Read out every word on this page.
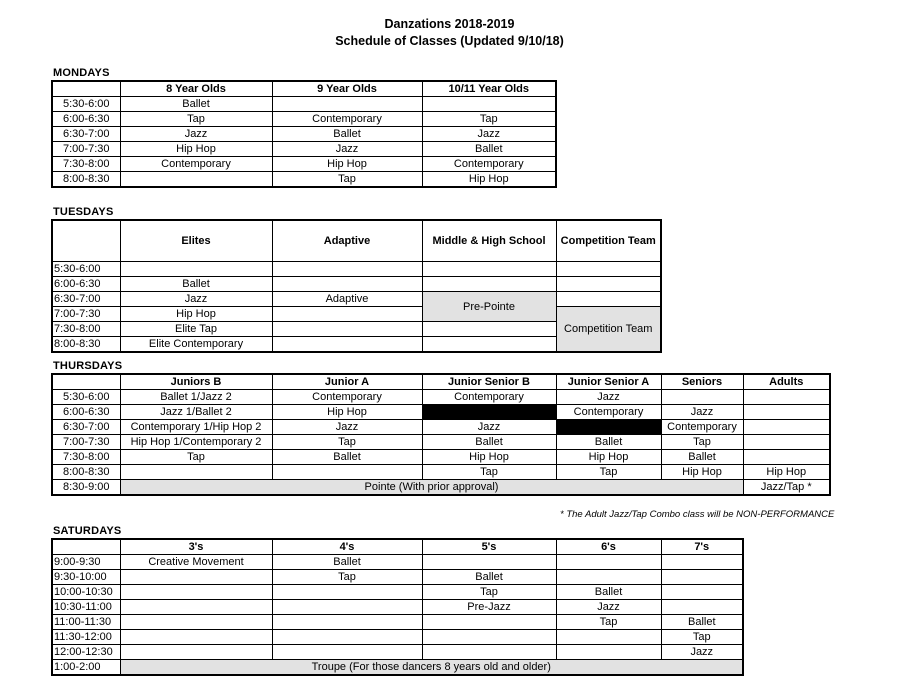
Danzations 2018-2019
Schedule of Classes (Updated 9/10/18)
MONDAYS
	8 Year Olds	9 Year Olds	10/11 Year Olds
5:30-6:00	Ballet		
6:00-6:30	Tap	Contemporary	Tap
6:30-7:00	Jazz	Ballet	Jazz
7:00-7:30	Hip Hop	Jazz	Ballet
7:30-8:00	Contemporary	Hip Hop	Contemporary
8:00-8:30		Tap	Hip Hop
TUESDAYS
	Elites	Adaptive	Middle & High School	Competition Team
5:30-6:00				
6:00-6:30	Ballet			
6:30-7:00	Jazz	Adaptive	Pre-Pointe	
7:00-7:30	Hip Hop			Competition Team
7:30-8:00	Elite Tap			
8:00-8:30	Elite Contemporary			
THURSDAYS
	Juniors B	Junior A	Junior Senior B	Junior Senior A	Seniors	Adults
5:30-6:00	Ballet 1/Jazz 2	Contemporary	Contemporary	Jazz		
6:00-6:30	Jazz 1/Ballet 2	Hip Hop		Contemporary	Jazz	
6:30-7:00	Contemporary 1/Hip Hop 2	Jazz	Jazz		Contemporary	
7:00-7:30	Hip Hop 1/Contemporary 2	Tap	Ballet	Ballet	Tap	
7:30-8:00	Tap	Ballet	Hip Hop	Hip Hop	Ballet	
8:00-8:30			Tap	Tap	Hip Hop	Hip Hop
8:30-9:00	Pointe (With prior approval)					Jazz/Tap *
* The Adult Jazz/Tap Combo class will be NON-PERFORMANCE
SATURDAYS
	3's	4's	5's	6's	7's
9:00-9:30	Creative Movement	Ballet			
9:30-10:00		Tap	Ballet		
10:00-10:30			Tap	Ballet	
10:30-11:00			Pre-Jazz	Jazz	
11:00-11:30				Tap	Ballet
11:30-12:00					Tap
12:00-12:30					Jazz
1:00-2:00	Troupe (For those dancers 8 years old and older)				
